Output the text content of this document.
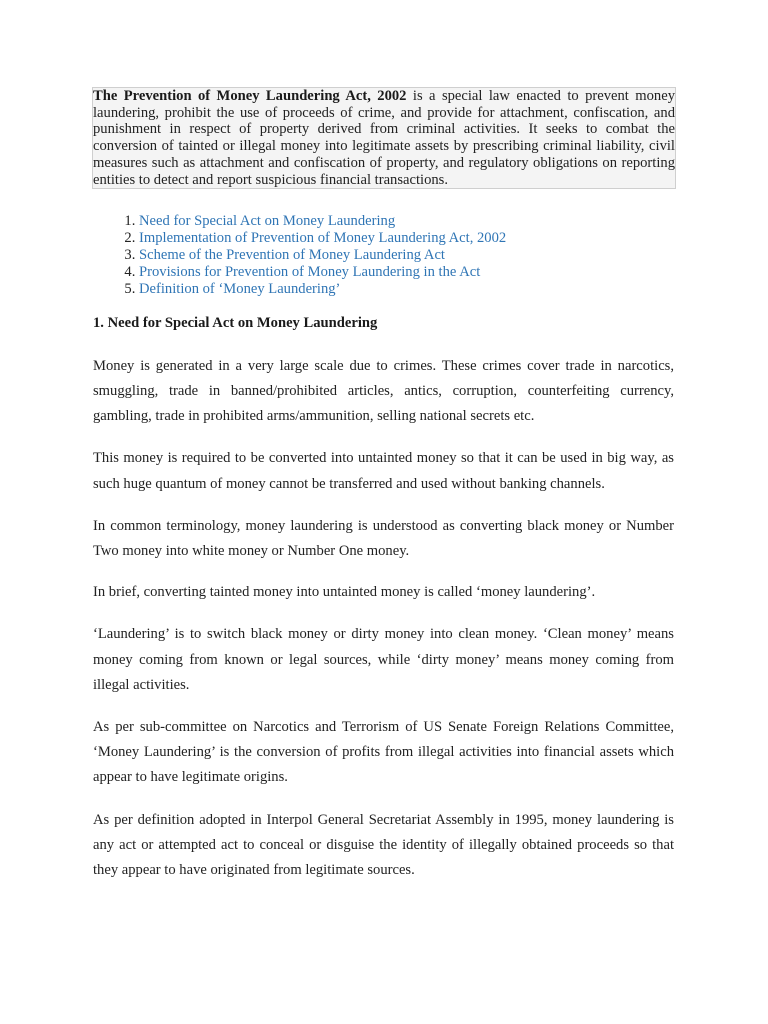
The Prevention of Money Laundering Act, 2002 is a special law enacted to prevent money laundering, prohibit the use of proceeds of crime, and provide for attachment, confiscation, and punishment in respect of property derived from criminal activities. It seeks to combat the conversion of tainted or illegal money into legitimate assets by prescribing criminal liability, civil measures such as attachment and confiscation of property, and regulatory obligations on reporting entities to detect and report suspicious financial transactions.
1. Need for Special Act on Money Laundering
2. Implementation of Prevention of Money Laundering Act, 2002
3. Scheme of the Prevention of Money Laundering Act
4. Provisions for Prevention of Money Laundering in the Act
5. Definition of ‘Money Laundering’
1. Need for Special Act on Money Laundering

Money is generated in a very large scale due to crimes. These crimes cover trade in narcotics, smuggling, trade in banned/prohibited articles, antics, corruption, counterfeiting currency, gambling, trade in prohibited arms/ammunition, selling national secrets etc.

This money is required to be converted into untainted money so that it can be used in big way, as such huge quantum of money cannot be transferred and used without banking channels.

In common terminology, money laundering is understood as converting black money or Number Two money into white money or Number One money.

In brief, converting tainted money into untainted money is called ‘money laundering’.

‘Laundering’ is to switch black money or dirty money into clean money. ‘Clean money’ means money coming from known or legal sources, while ‘dirty money’ means money coming from illegal activities.

As per sub-committee on Narcotics and Terrorism of US Senate Foreign Relations Committee, ‘Money Laundering’ is the conversion of profits from illegal activities into financial assets which appear to have legitimate origins.

As per definition adopted in Interpol General Secretariat Assembly in 1995, money laundering is any act or attempted act to conceal or disguise the identity of illegally obtained proceeds so that they appear to have originated from legitimate sources.
